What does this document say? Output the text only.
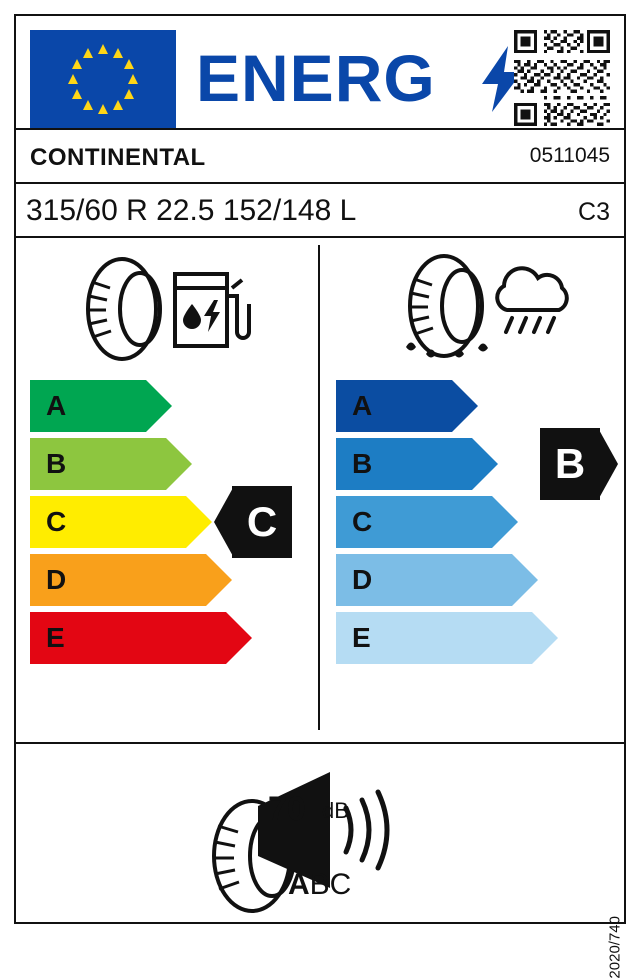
ENERG
CONTINENTAL	0511045
315/60 R 22.5 152/148 L	C3
A
B
C
D
E
C
A
B
C
D
E
B
70 dB
ABC
2020/740
